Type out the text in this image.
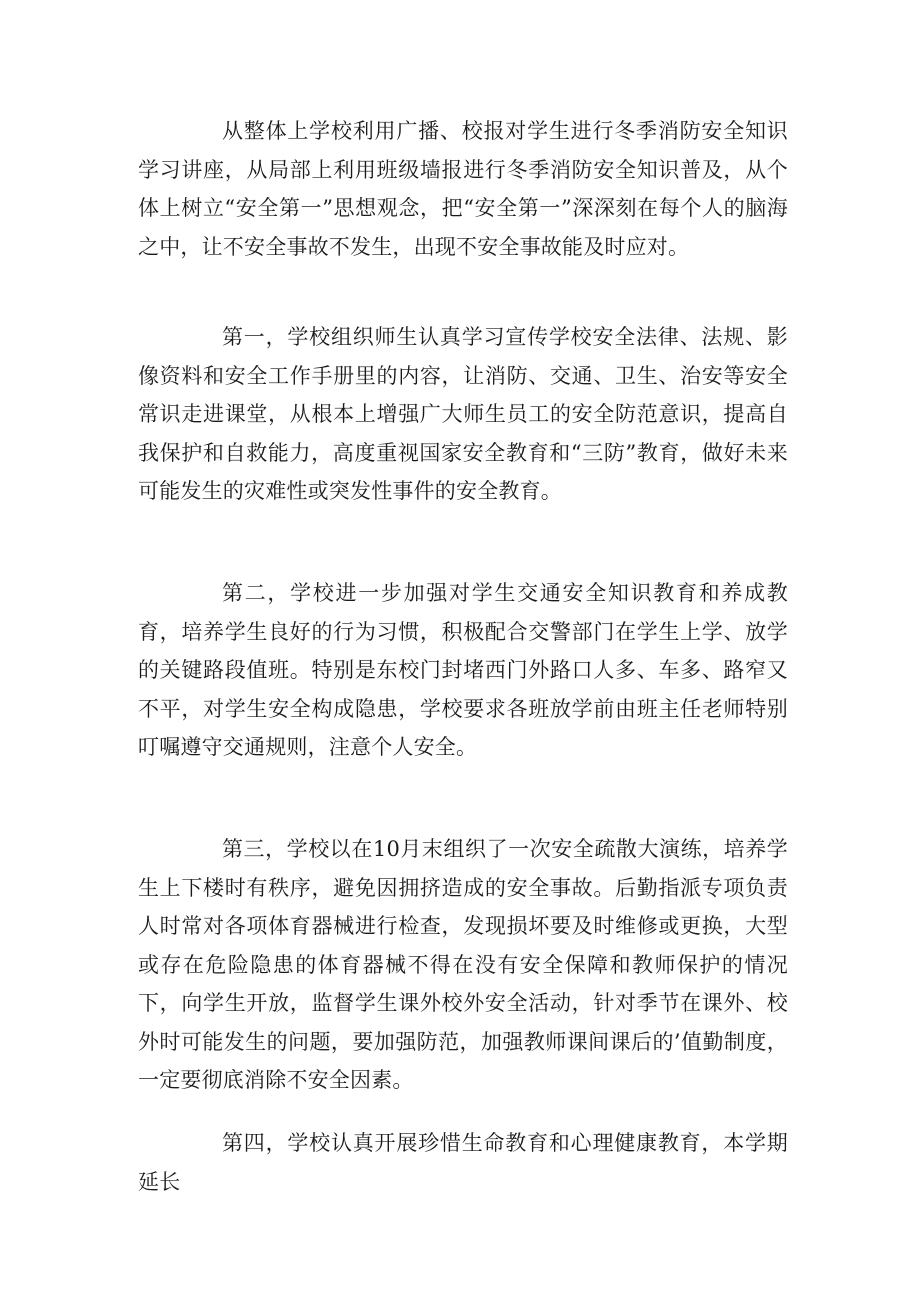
从整体上学校利用广播、校报对学生进行冬季消防安全知识学习讲座，从局部上利用班级墙报进行冬季消防安全知识普及，从个体上树立“安全第一”思想观念，把“安全第一”深深刻在每个人的脑海之中，让不安全事故不发生，出现不安全事故能及时应对。

第一，学校组织师生认真学习宣传学校安全法律、法规、影像资料和安全工作手册里的内容，让消防、交通、卫生、治安等安全常识走进课堂，从根本上增强广大师生员工的安全防范意识，提高自我保护和自救能力，高度重视国家安全教育和“三防”教育，做好未来可能发生的灾难性或突发性事件的安全教育。

第二，学校进一步加强对学生交通安全知识教育和养成教育，培养学生良好的行为习惯，积极配合交警部门在学生上学、放学的关键路段值班。特别是东校门封堵西门外路口人多、车多、路窄又不平，对学生安全构成隐患，学校要求各班放学前由班主任老师特别叮嘱遵守交通规则，注意个人安全。

第三，学校以在10月末组织了一次安全疏散大演练，培养学生上下楼时有秩序，避免因拥挤造成的安全事故。后勤指派专项负责人时常对各项体育器械进行检查，发现损坏要及时维修或更换，大型或存在危险隐患的体育器械不得在没有安全保障和教师保护的情况下，向学生开放，监督学生课外校外安全活动，针对季节在课外、校外时可能发生的问题，要加强防范，加强教师课间课后的’值勤制度，一定要彻底消除不安全因素。

第四，学校认真开展珍惜生命教育和心理健康教育，本学期延长
